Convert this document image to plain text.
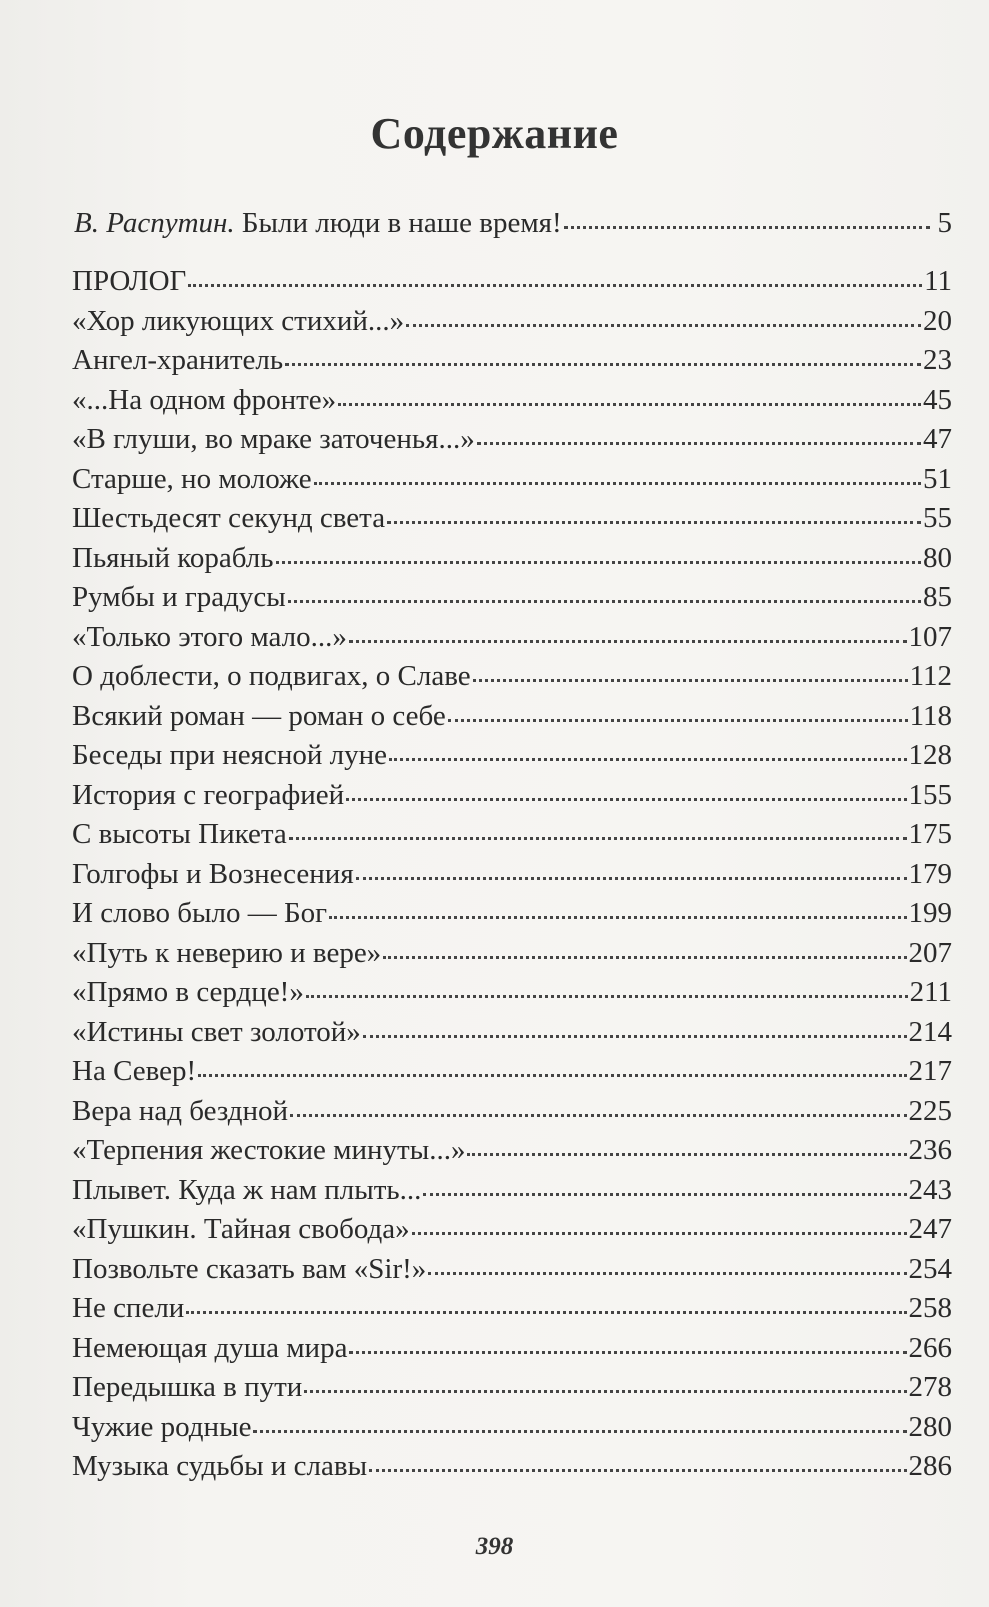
Содержание
В. Распутин. Были люди в наше время!	5
ПРОЛОГ	11
«Хор ликующих стихий...»	20
Ангел-хранитель	23
«...На одном фронте»	45
«В глуши, во мраке заточенья...»	47
Старше, но моложе	51
Шестьдесят секунд света	55
Пьяный корабль	80
Румбы и градусы	85
«Только этого мало...»	107
О доблести, о подвигах, о Славе	112
Всякий роман — роман о себе	118
Беседы при неясной луне	128
История с географией	155
С высоты Пикета	175
Голгофы и Вознесения	179
И слово было — Бог	199
«Путь к неверию и вере»	207
«Прямо в сердце!»	211
«Истины свет золотой»	214
На Север!	217
Вера над бездной	225
«Терпения жестокие минуты...»	236
Плывет. Куда ж нам плыть...	243
«Пушкин. Тайная свобода»	247
Позвольте сказать вам «Sir!»	254
Не спели	258
Немеющая душа мира	266
Передышка в пути	278
Чужие родные	280
Музыка судьбы и славы	286
398
